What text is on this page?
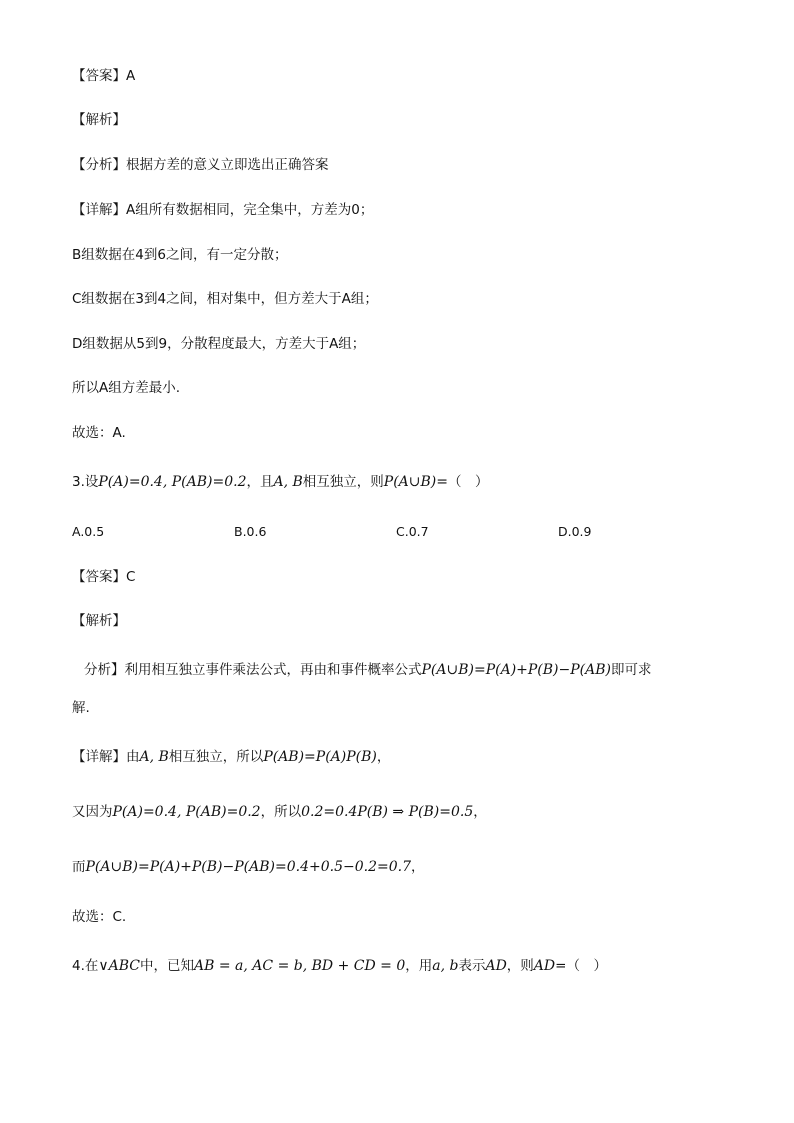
【答案】A
【解析】
【分析】根据方差的意义立即选出正确答案
【详解】A组所有数据相同，完全集中，方差为0；
B组数据在4到6之间，有一定分散；
C组数据在3到4之间，相对集中，但方差大于A组；
D组数据从5到9，分散程度最大，方差大于A组；
所以A组方差最小.
故选：A.
3.设P(A)=0.4, P(AB)=0.2，且A, B相互独立，则P(A∪B)=（　）
A.0.5	B.0.6	C.0.7	D.0.9
【答案】C
【解析】
分析】利用相互独立事件乘法公式，再由和事件概率公式P(A∪B)=P(A)+P(B)−P(AB)即可求
解.
【详解】由A, B相互独立，所以P(AB)=P(A)P(B)，
又因为P(A)=0.4, P(AB)=0.2，所以0.2=0.4P(B) ⇒ P(B)=0.5，
而P(A∪B)=P(A)+P(B)−P(AB)=0.4+0.5−0.2=0.7，
故选：C.
4.在∨ABC中，已知AB = a, AC = b, BD + CD = 0，用a, b表示AD，则AD=（　）
